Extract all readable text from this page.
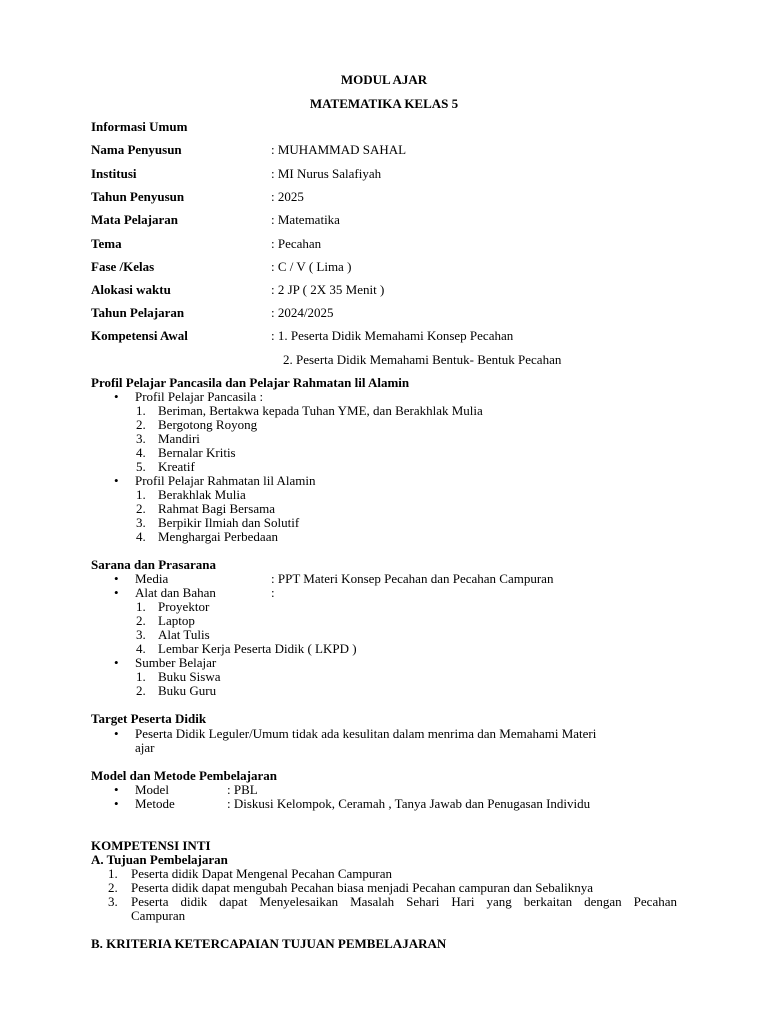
MODUL AJAR
MATEMATIKA KELAS 5
Informasi Umum
Nama Penyusun	: MUHAMMAD SAHAL
Institusi	: MI Nurus Salafiyah
Tahun Penyusun	: 2025
Mata Pelajaran	: Matematika
Tema	: Pecahan
Fase /Kelas	: C / V ( Lima )
Alokasi waktu	: 2 JP ( 2X 35 Menit )
Tahun Pelajaran	: 2024/2025
Kompetensi Awal	: 1. Peserta Didik Memahami Konsep Pecahan
2. Peserta Didik Memahami Bentuk- Bentuk Pecahan
Profil Pelajar Pancasila dan Pelajar Rahmatan lil Alamin
• Profil Pelajar Pancasila :
1. Beriman, Bertakwa kepada Tuhan YME, dan Berakhlak Mulia
2. Bergotong Royong
3. Mandiri
4. Bernalar Kritis
5. Kreatif
• Profil Pelajar Rahmatan lil Alamin
1. Berakhlak Mulia
2. Rahmat Bagi Bersama
3. Berpikir Ilmiah dan Solutif
4. Menghargai Perbedaan
Sarana dan Prasarana
• Media	: PPT Materi Konsep Pecahan dan Pecahan Campuran
• Alat dan Bahan	:
1. Proyektor
2. Laptop
3. Alat Tulis
4. Lembar Kerja Peserta Didik ( LKPD )
• Sumber Belajar
1. Buku Siswa
2. Buku Guru
Target Peserta Didik
• Peserta Didik Leguler/Umum tidak ada kesulitan dalam menrima dan Memahami Materi
ajar
Model dan Metode Pembelajaran
• Model	: PBL
• Metode	: Diskusi Kelompok, Ceramah , Tanya Jawab dan Penugasan Individu
KOMPETENSI INTI
A. Tujuan Pembelajaran
1. Peserta didik Dapat Mengenal Pecahan Campuran
2. Peserta didik dapat mengubah Pecahan biasa menjadi Pecahan campuran dan Sebaliknya
3. Peserta didik dapat Menyelesaikan Masalah Sehari Hari yang berkaitan dengan Pecahan
Campuran
B. KRITERIA KETERCAPAIAN TUJUAN PEMBELAJARAN
